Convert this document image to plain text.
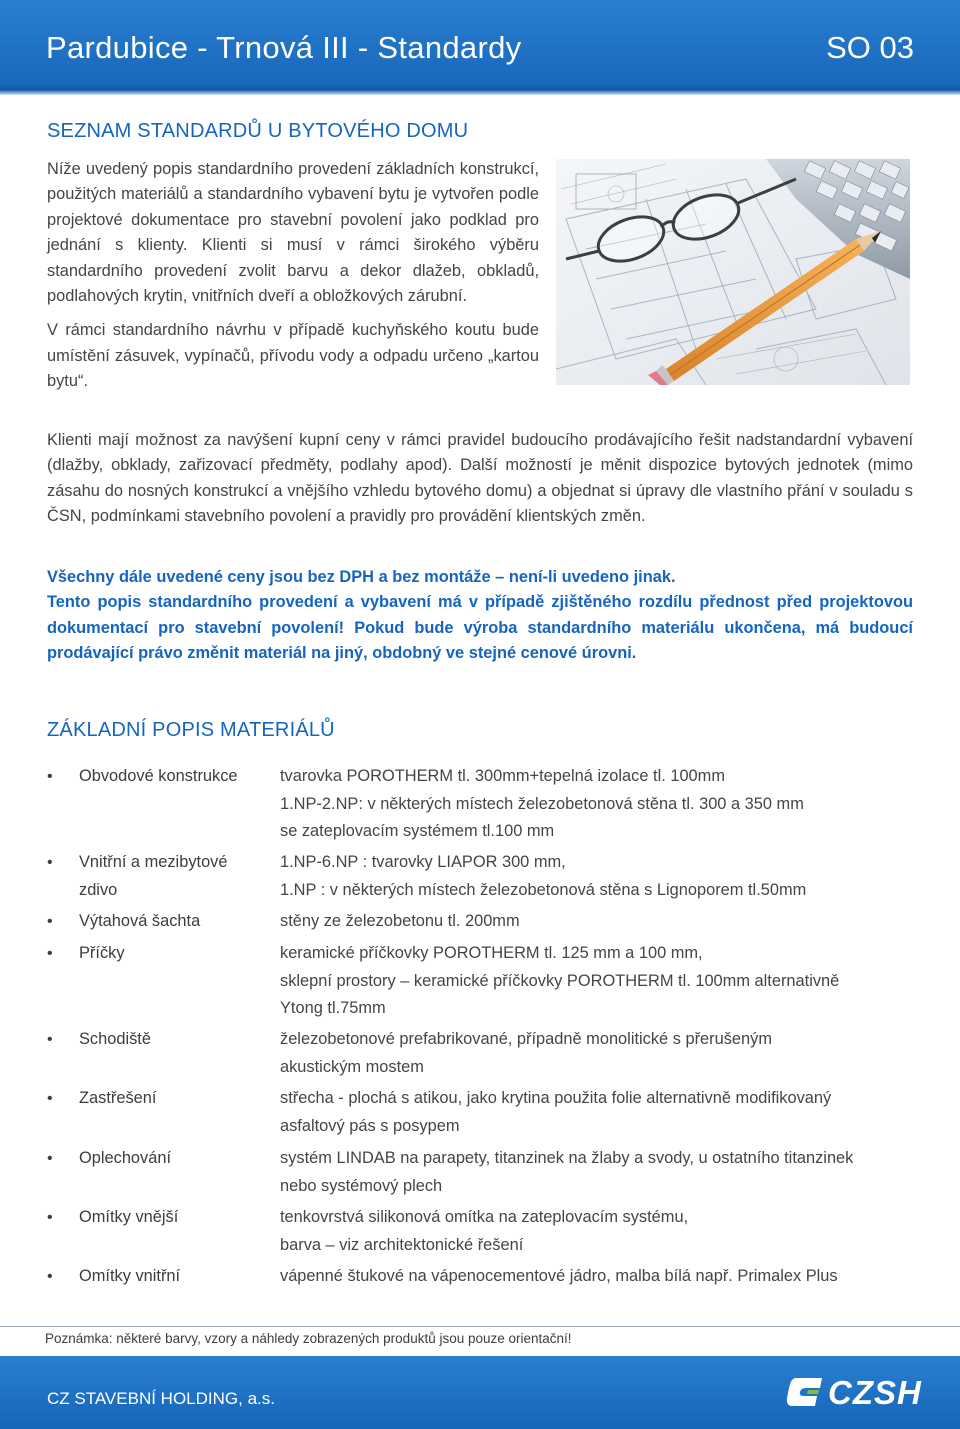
Pardubice - Trnová III - Standardy	SO 03
SEZNAM STANDARDŮ U BYTOVÉHO DOMU

Níže uvedený popis standardního provedení základních konstrukcí, použitých materiálů a standardního vybavení bytu je vytvořen podle projektové dokumentace pro stavební povolení jako podklad pro jednání s klienty. Klienti si musí v rámci širokého výběru standardního provedení zvolit barvu a dekor dlažeb, obkladů, podlahových krytin, vnitřních dveří a obložkových zárubní.

V rámci standardního návrhu v případě kuchyňského koutu bude umístění zásuvek, vypínačů, přívodu vody a odpadu určeno „kartou bytu“.

Klienti mají možnost za navýšení kupní ceny v rámci pravidel budoucího prodávajícího řešit nadstandardní vybavení (dlažby, obklady, zařizovací předměty, podlahy apod). Další možností je měnit dispozice bytových jednotek (mimo zásahu do nosných konstrukcí a vnějšího vzhledu bytového domu) a objednat si úpravy dle vlastního přání v souladu s ČSN, podmínkami stavebního povolení a pravidly pro provádění klientských změn.

Všechny dále uvedené ceny jsou bez DPH a bez montáže – není-li uvedeno jinak.

Tento popis standardního provedení a vybavení má v případě zjištěného rozdílu přednost před projektovou dokumentací pro stavební povolení! Pokud bude výroba standardního materiálu ukončena, má budoucí prodávající právo změnit materiál na jiný, obdobný ve stejné cenové úrovni.

ZÁKLADNÍ POPIS MATERIÁLŮ
• Obvodové konstrukce	tvarovka POROTHERM tl. 300mm+tepelná izolace tl. 100mm
1.NP-2.NP: v některých místech železobetonová stěna tl. 300 a 350 mm
se zateplovacím systémem tl.100 mm
• Vnitřní a mezibytové zdivo
1.NP-6.NP : tvarovky LIAPOR 300 mm,
1.NP : v některých místech železobetonová stěna s Lignoporem tl.50mm
• Výtahová šachta	stěny ze železobetonu tl. 200mm
• Příčky	keramické příčkovky POROTHERM tl. 125 mm a 100 mm,
sklepní prostory – keramické příčkovky POROTHERM tl. 100mm alternativně
Ytong tl.75mm
• Schodiště	železobetonové prefabrikované, případně monolitické s přerušeným
akustickým mostem
• Zastřešení	střecha - plochá s atikou, jako krytina použita folie alternativně modifikovaný
asfaltový pás s posypem
• Oplechování	systém LINDAB na parapety, titanzinek na žlaby a svody, u ostatního titanzinek
nebo systémový plech
• Omítky vnější	tenkovrstvá silikonová omítka na zateplovacím systému,
barva – viz architektonické řešení
• Omítky vnitřní	vápenné štukové na vápenocementové jádro, malba bílá např. Primalex Plus
Poznámka: některé barvy, vzory a náhledy zobrazených produktů jsou pouze orientační!
CZ STAVEBNÍ HOLDING, a.s.	CZSH
